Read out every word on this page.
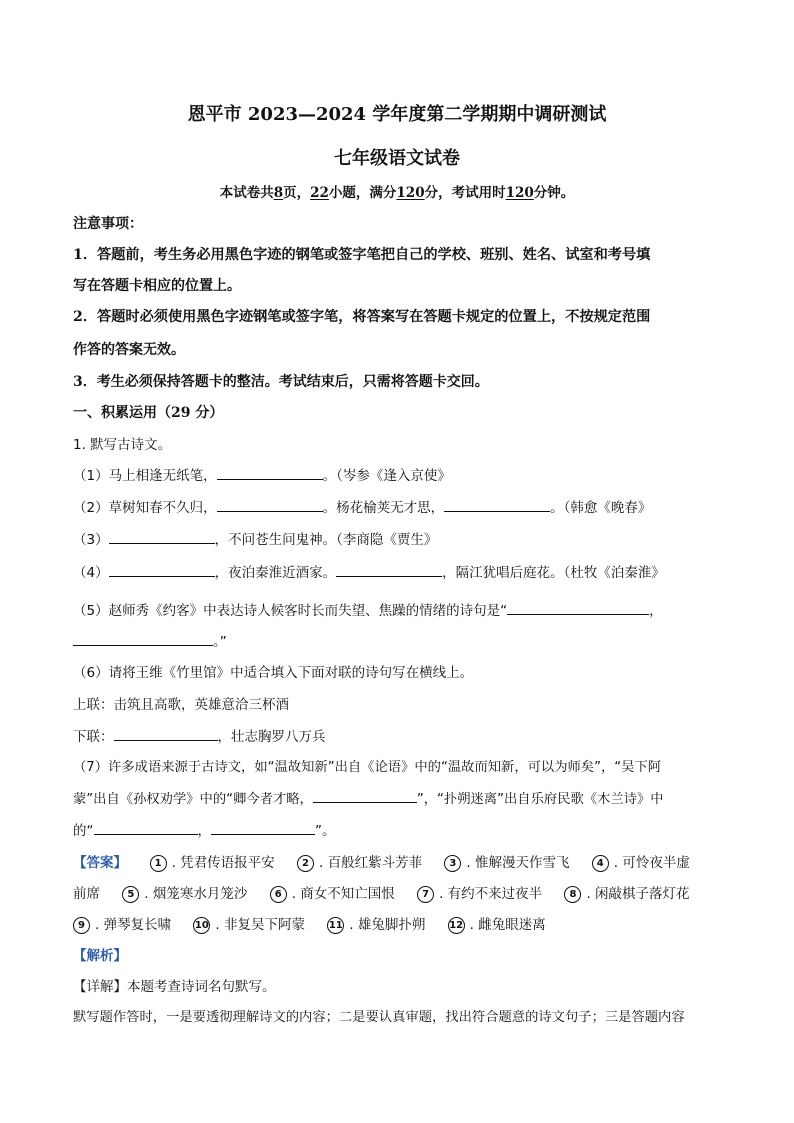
恩平市 2023—2024 学年度第二学期期中调研测试
七年级语文试卷
本试卷共8页，22小题，满分120分，考试用时120分钟。
注意事项：
1．答题前，考生务必用黑色字迹的钢笔或签字笔把自己的学校、班别、姓名、试室和考号填
写在答题卡相应的位置上。
2．答题时必须使用黑色字迹钢笔或签字笔，将答案写在答题卡规定的位置上，不按规定范围
作答的答案无效。
3．考生必须保持答题卡的整洁。考试结束后，只需将答题卡交回。
一、积累运用（29 分）
1. 默写古诗文。
（1）马上相逢无纸笔，	。（岑参《逢入京使》
（2）草树知春不久归，	。杨花榆荚无才思，	。（韩愈《晚春》
（3）	，不问苍生问鬼神。（李商隐《贾生》
（4）	，夜泊秦淮近酒家。	，隔江犹唱后庭花。（杜牧《泊秦淮》
（5）赵师秀《约客》中表达诗人候客时长而失望、焦躁的情绪的诗句是“	，
。”
（6）请将王维《竹里馆》中适合填入下面对联的诗句写在横线上。
上联：击筑且高歌，英雄意洽三杯酒
下联：	，壮志胸罗八万兵
（7）许多成语来源于古诗文，如“温故知新”出自《论语》中的“温故而知新，可以为师矣”，“吴下阿
蒙”出自《孙权劝学》中的“卿今者才略，	”，“扑朔迷离”出自乐府民歌《木兰诗》中
的“	，	”。
【答案】	1 . 凭君传语报平安	2 . 百般红紫斗芳菲	3 . 惟解漫天作雪飞	4 . 可怜夜半虚
前席	5 . 烟笼寒水月笼沙	6 . 商女不知亡国恨	7 . 有约不来过夜半	8 . 闲敲棋子落灯花
9 . 弹琴复长啸 10 . 非复吴下阿蒙 11 . 雄兔脚扑朔 12 . 雌兔眼迷离
【解析】
【详解】本题考查诗词名句默写。
默写题作答时，一是要透彻理解诗文的内容；二是要认真审题，找出符合题意的诗文句子；三是答题内容
